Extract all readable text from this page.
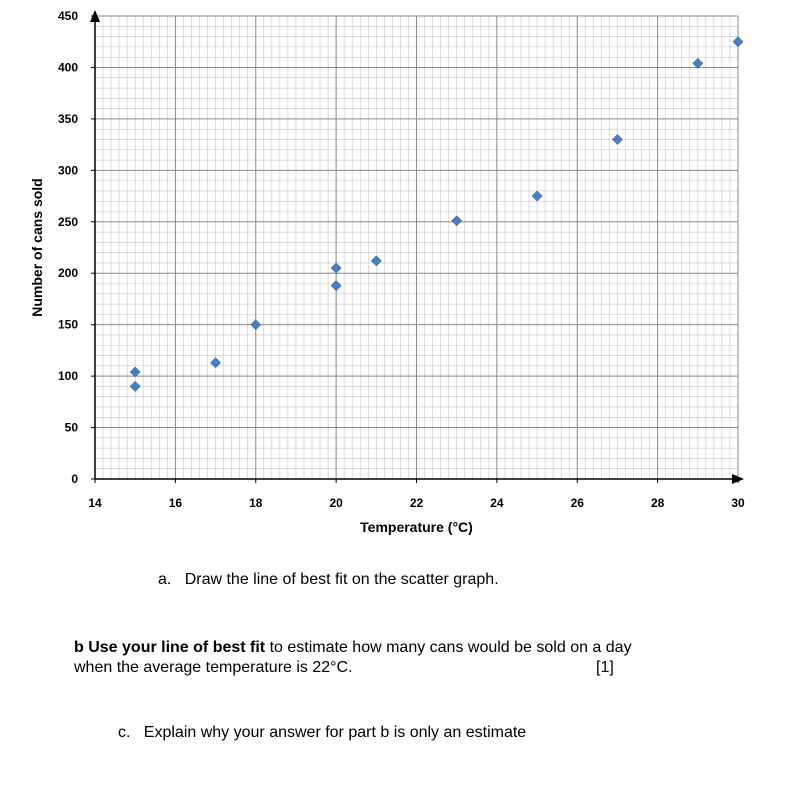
14	16	18	20	22	24	26	28	30
0
50
100
150
200
250
300
350
400
450
Temperature (°C)
Number of cans sold
a. Draw the line of best fit on the scatter graph.
b Use your line of best fit to estimate how many cans would be sold on a day
when the average temperature is 22°C.	[1]
c. Explain why your answer for part b is only an estimate
